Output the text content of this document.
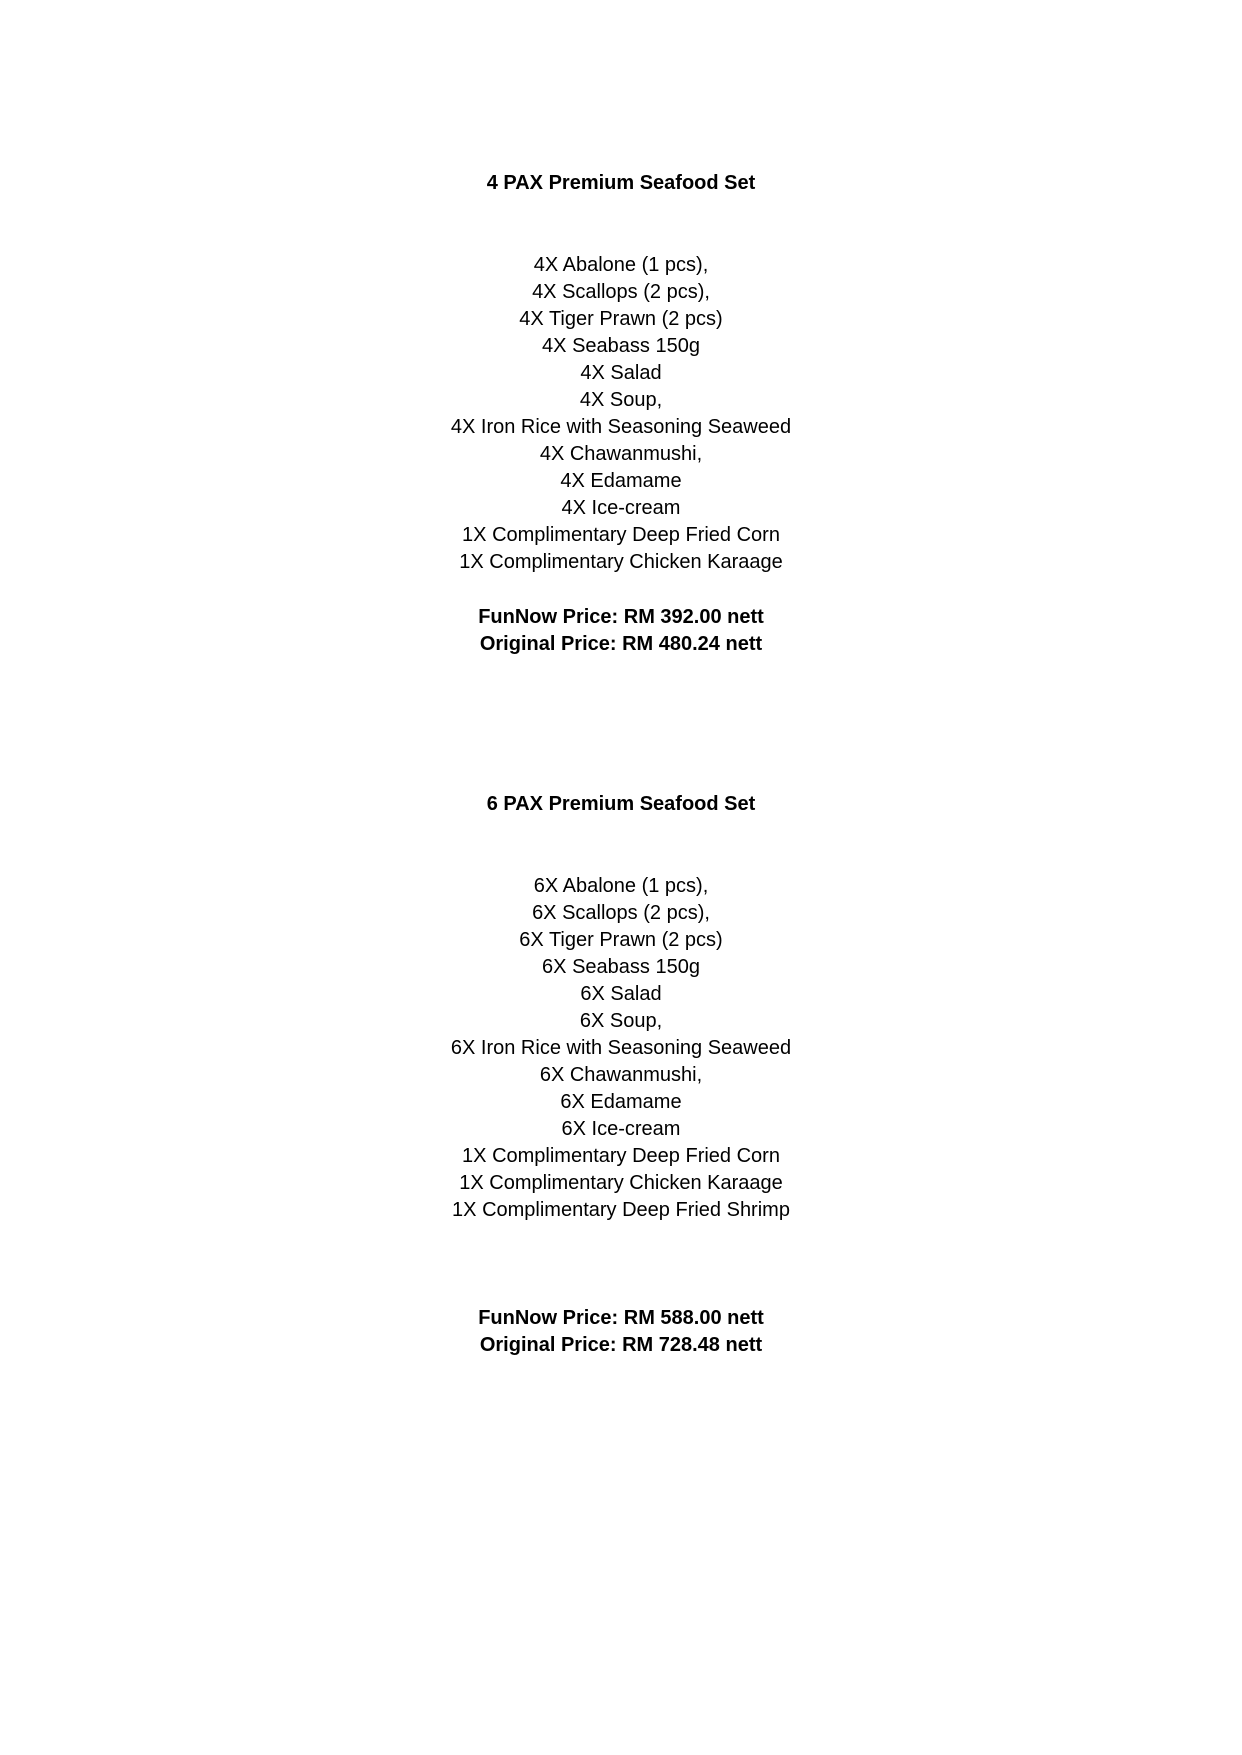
4 PAX Premium Seafood Set
4X Abalone (1 pcs),
4X Scallops (2 pcs),
4X Tiger Prawn (2 pcs)
4X Seabass 150g
4X Salad
4X Soup,
4X Iron Rice with Seasoning Seaweed
4X Chawanmushi,
4X Edamame
4X Ice-cream
1X Complimentary Deep Fried Corn
1X Complimentary Chicken Karaage
FunNow Price: RM 392.00 nett
Original Price: RM 480.24 nett
6 PAX Premium Seafood Set
6X Abalone (1 pcs),
6X Scallops (2 pcs),
6X Tiger Prawn (2 pcs)
6X Seabass 150g
6X Salad
6X Soup,
6X Iron Rice with Seasoning Seaweed
6X Chawanmushi,
6X Edamame
6X Ice-cream
1X Complimentary Deep Fried Corn
1X Complimentary Chicken Karaage
1X Complimentary Deep Fried Shrimp
FunNow Price: RM 588.00 nett
Original Price: RM 728.48 nett
